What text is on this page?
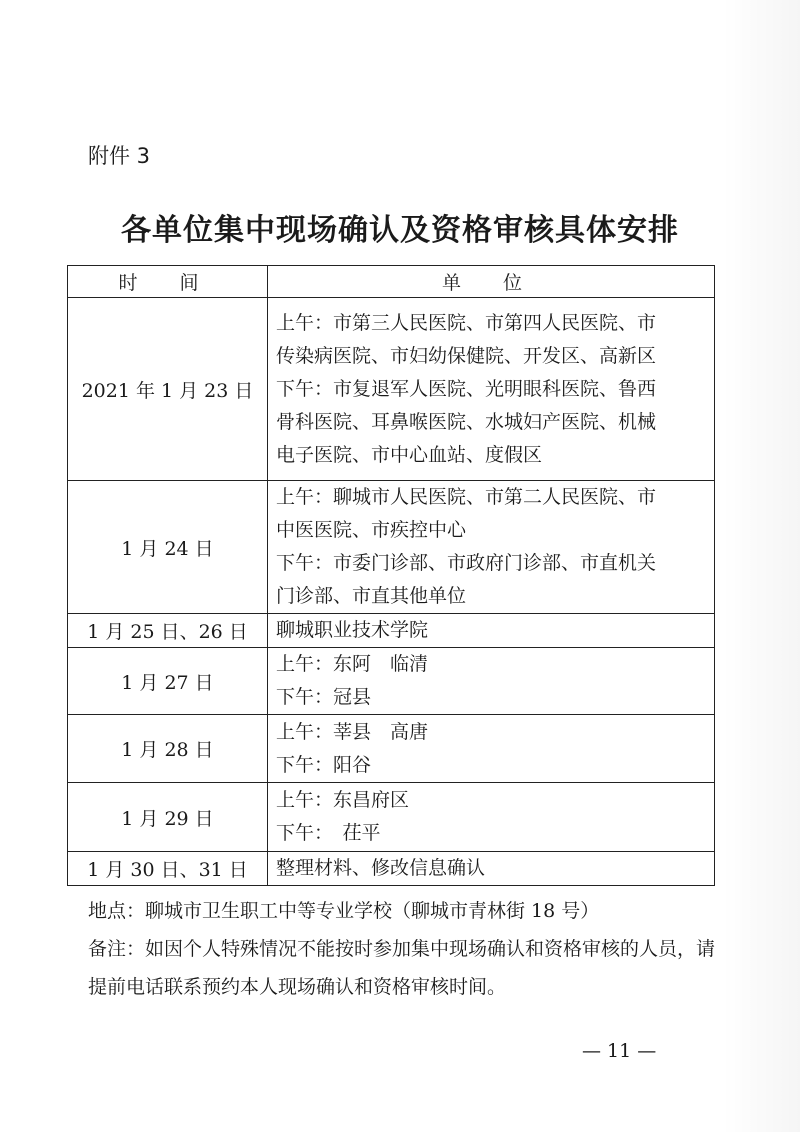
附件 3
各单位集中现场确认及资格审核具体安排
时 间	单 位
2021 年 1 月 23 日	上午：市第三人民医院、市第四人民医院、市
传染病医院、市妇幼保健院、开发区、高新区
下午：市复退军人医院、光明眼科医院、鲁西
骨科医院、耳鼻喉医院、水城妇产医院、机械
电子医院、市中心血站、度假区

1 月 24 日	上午：聊城市人民医院、市第二人民医院、市
中医医院、市疾控中心
下午：市委门诊部、市政府门诊部、市直机关
门诊部、市直其他单位

1 月 25 日、26 日	聊城职业技术学院

1 月 27 日	上午：东阿　临清
下午：冠县

1 月 28 日	上午：莘县　高唐
下午：阳谷

1 月 29 日	上午：东昌府区
下午：　茌平

1 月 30 日、31 日	整理材料、修改信息确认
地点：聊城市卫生职工中等专业学校（聊城市青林街 18 号）
备注：如因个人特殊情况不能按时参加集中现场确认和资格审核的人员，请提前电话联系预约本人现场确认和资格审核时间。
— 11 —
